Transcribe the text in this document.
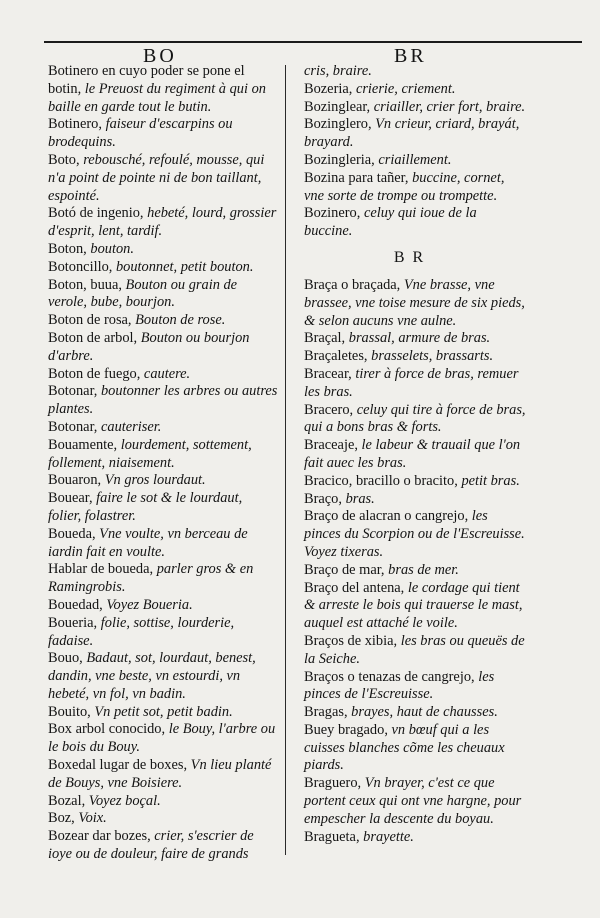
BO	BR

Botinero en cuyo poder se pone el botin, le Preuost du regiment à qui on baille en garde tout le butin.

Botinero, faiseur d'escarpins ou brodequins.

Boto, rebousché, refoulé, mousse, qui n'a point de pointe ni de bon taillant, espointé.

Botó de ingenio, hebeté, lourd, grossier d'esprit, lent, tardif.

Boton, bouton.

Botoncillo, boutonnet, petit bouton.

Boton, buua, Bouton ou grain de verole, bube, bourjon.

Boton de rosa, Bouton de rose.

Boton de arbol, Bouton ou bourjon d'arbre.

Boton de fuego, cautere.

Botonar, boutonner les arbres ou autres plantes.

Botonar, cauteriser.

Bouamente, lourdement, sottement, follement, niaisement.

Bouaron, Vn gros lourdaut.

Bouear, faire le sot & le lourdaut, folier, folastrer.

Boueda, Vne voulte, vn berceau de iardin fait en voulte.

Hablar de boueda, parler gros & en Ramingrobis.

Bouedad, Voyez Boueria.

Boueria, folie, sottise, lourderie, fadaise.

Bouo, Badaut, sot, lourdaut, benest, dandin, vne beste, vn estourdi, vn hebeté, vn fol, vn badin.

Bouito, Vn petit sot, petit badin.

Box arbol conocido, le Bouy, l'arbre ou le bois du Bouy.

Boxedal lugar de boxes, Vn lieu planté de Bouys, vne Boisiere.

Bozal, Voyez boçal.

Boz, Voix.

Bozear dar bozes, crier, s'escrier de ioye ou de douleur, faire de grands

cris, braire.

Bozeria, crierie, criement.

Bozinglear, criailler, crier fort, braire.

Bozinglero, Vn crieur, criard, brayát, brayard.

Bozingleria, criaillement.

Bozina para tañer, buccine, cornet, vne sorte de trompe ou trompette.

Bozinero, celuy qui ioue de la buccine.

B R

Braça o braçada, Vne brasse, vne brassee, vne toise mesure de six pieds, & selon aucuns vne aulne.

Braçal, brassal, armure de bras.

Braçaletes, brasselets, brassarts.

Bracear, tirer à force de bras, remuer les bras.

Bracero, celuy qui tire à force de bras, qui a bons bras & forts.

Braceaje, le labeur & trauail que l'on fait auec les bras.

Bracico, bracillo o bracito, petit bras.

Braço, bras.

Braço de alacran o cangrejo, les pinces du Scorpion ou de l'Escreuisse. Voyez tixeras.

Braço de mar, bras de mer.

Braço del antena, le cordage qui tient & arreste le bois qui trauerse le mast, auquel est attaché le voile.

Braços de xibia, les bras ou queuës de la Seiche.

Braços o tenazas de cangrejo, les pinces de l'Escreuisse.

Bragas, brayes, haut de chausses.

Buey bragado, vn bœuf qui a les cuisses blanches cõme les cheuaux piards.

Braguero, Vn brayer, c'est ce que portent ceux qui ont vne hargne, pour empescher la descente du boyau.

Bragueta, brayette.
